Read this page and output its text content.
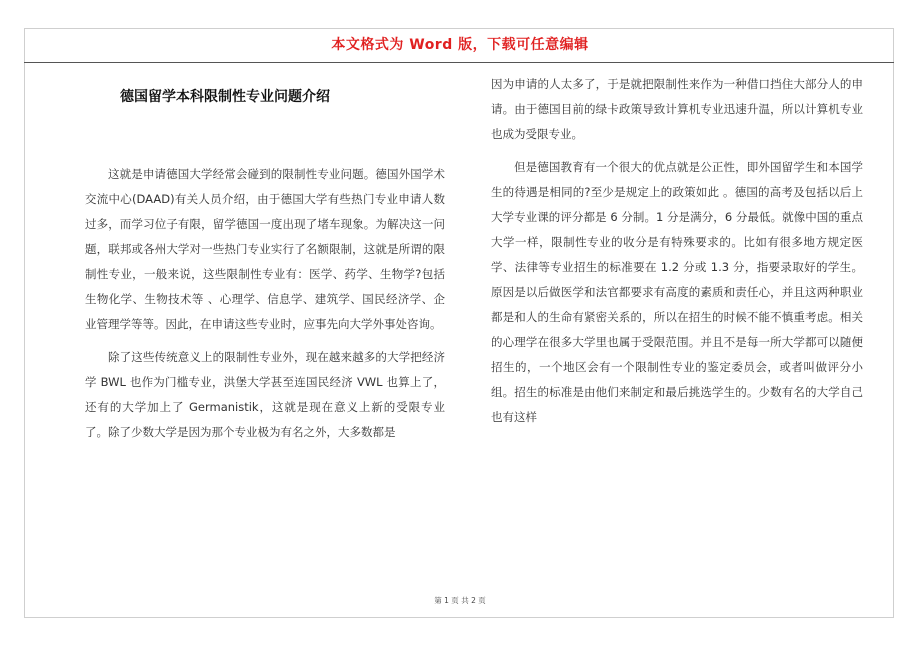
本文格式为 Word 版，下载可任意编辑
德国留学本科限制性专业问题介绍

这就是申请德国大学经常会碰到的限制性专业问题。德国外国学术交流中心(DAAD)有关人员介绍，由于德国大学有些热门专业申请人数过多，而学习位子有限，留学德国一度出现了堵车现象。为解决这一问题，联邦或各州大学对一些热门专业实行了名额限制，这就是所谓的限制性专业，一般来说，这些限制性专业有：医学、药学、生物学?包括生物化学、生物技术等 、心理学、信息学、建筑学、国民经济学、企业管理学等等。因此，在申请这些专业时，应事先向大学外事处咨询。

除了这些传统意义上的限制性专业外，现在越来越多的大学把经济学 BWL 也作为门槛专业，洪堡大学甚至连国民经济 VWL 也算上了，还有的大学加上了 Germanistik，这就是现在意义上新的受限专业了。除了少数大学是因为那个专业极为有名之外，大多数都是

因为申请的人太多了，于是就把限制性来作为一种借口挡住大部分人的申请。由于德国目前的绿卡政策导致计算机专业迅速升温，所以计算机专业也成为受限专业。

但是德国教育有一个很大的优点就是公正性，即外国留学生和本国学生的待遇是相同的?至少是规定上的政策如此 。德国的高考及包括以后上大学专业课的评分都是 6 分制。1 分是满分，6 分最低。就像中国的重点大学一样，限制性专业的收分是有特殊要求的。比如有很多地方规定医学、法律等专业招生的标准要在 1.2 分或 1.3 分，指要录取好的学生。原因是以后做医学和法官都要求有高度的素质和责任心，并且这两种职业都是和人的生命有紧密关系的，所以在招生的时候不能不慎重考虑。相关的心理学在很多大学里也属于受限范围。并且不是每一所大学都可以随便招生的，一个地区会有一个限制性专业的鉴定委员会，或者叫做评分小组。招生的标准是由他们来制定和最后挑选学生的。少数有名的大学自己也有这样

第 1 页 共 2 页
